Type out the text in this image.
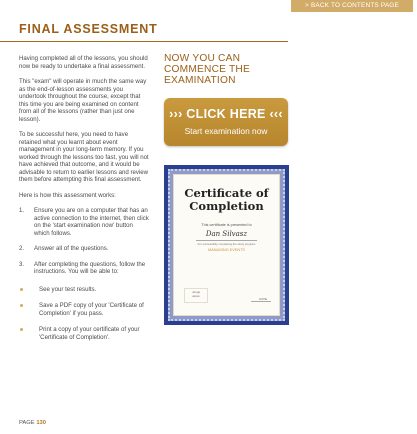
> BACK TO CONTENTS PAGE
FINAL ASSESSMENT

Having completed all of the lessons, you should now be ready to undertake a final assessment.

This "exam" will operate in much the same way as the end-of-lesson assessments you undertook throughout the course, except that this time you are being examined on content from all of the lessons (rather than just one lesson).

To be successful here, you need to have retained what you learnt about event management in your long-term memory. If you worked through the lessons too fast, you will not have achieved that outcome, and it would be advisable to return to earlier lessons and review them before attempting this final assessment.

Here is how this assessment works:

1.	Ensure you are on a computer that has an active connection to the internet, then click on the 'start examination now' button which follows.
2.	Answer all of the questions.
3.	After completing the questions, follow the instructions. You will be able to:
See your test results.
Save a PDF copy of your 'Certificate of Completion' if you pass.
Print a copy of your certificate of your 'Certificate of Completion'.
NOW YOU CAN COMMENCE THE EXAMINATION
››› CLICK HERE ‹‹‹
Start examination now
Certificate of
Completion
This certificate is presented to
Dan Silvasz
For successfully completing the study program
MANAGING EVENTS
Jongs
acres
DATE
PAGE 130
